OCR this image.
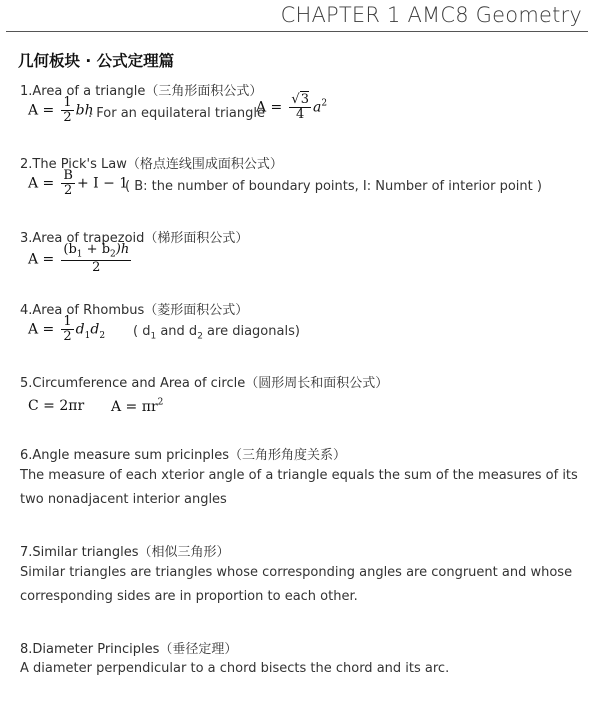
CHAPTER 1 AMC8 Geometry
几何板块 · 公式定理篇
1.Area of a triangle（三角形面积公式）
$A = \frac{1}{2}$ bh
. For an equilateral triangle
$A = \frac{√3}{4} a^2$
2.The Pick's Law（格点连线围成面积公式）
$A = \frac{B}{2} + I - 1$
( B: the number of boundary points, I: Number of interior point )
3.Area of trapezoid（梯形面积公式）
$A = \frac{(b_1 + b_2)h}{2}$
4.Area of Rhombus（菱形面积公式）
$A = \frac{1}{2} d_1d_2$ ( $d_1$ and $d_2$ are diagonals)
5.Circumference and Area of circle（圆形周长和面积公式）
C = 2πr $A = \pi r^2$
6.Angle measure sum pricinples（三角形角度关系）
The measure of each xterior angle of a triangle equals the sum of the measures of its
two nonadjacent interior angles
7.Similar triangles（相似三角形）
Similar triangles are triangles whose corresponding angles are congruent and whose
corresponding sides are in proportion to each other.
8.Diameter Principles（垂径定理）
A diameter perpendicular to a chord bisects the chord and its arc.
